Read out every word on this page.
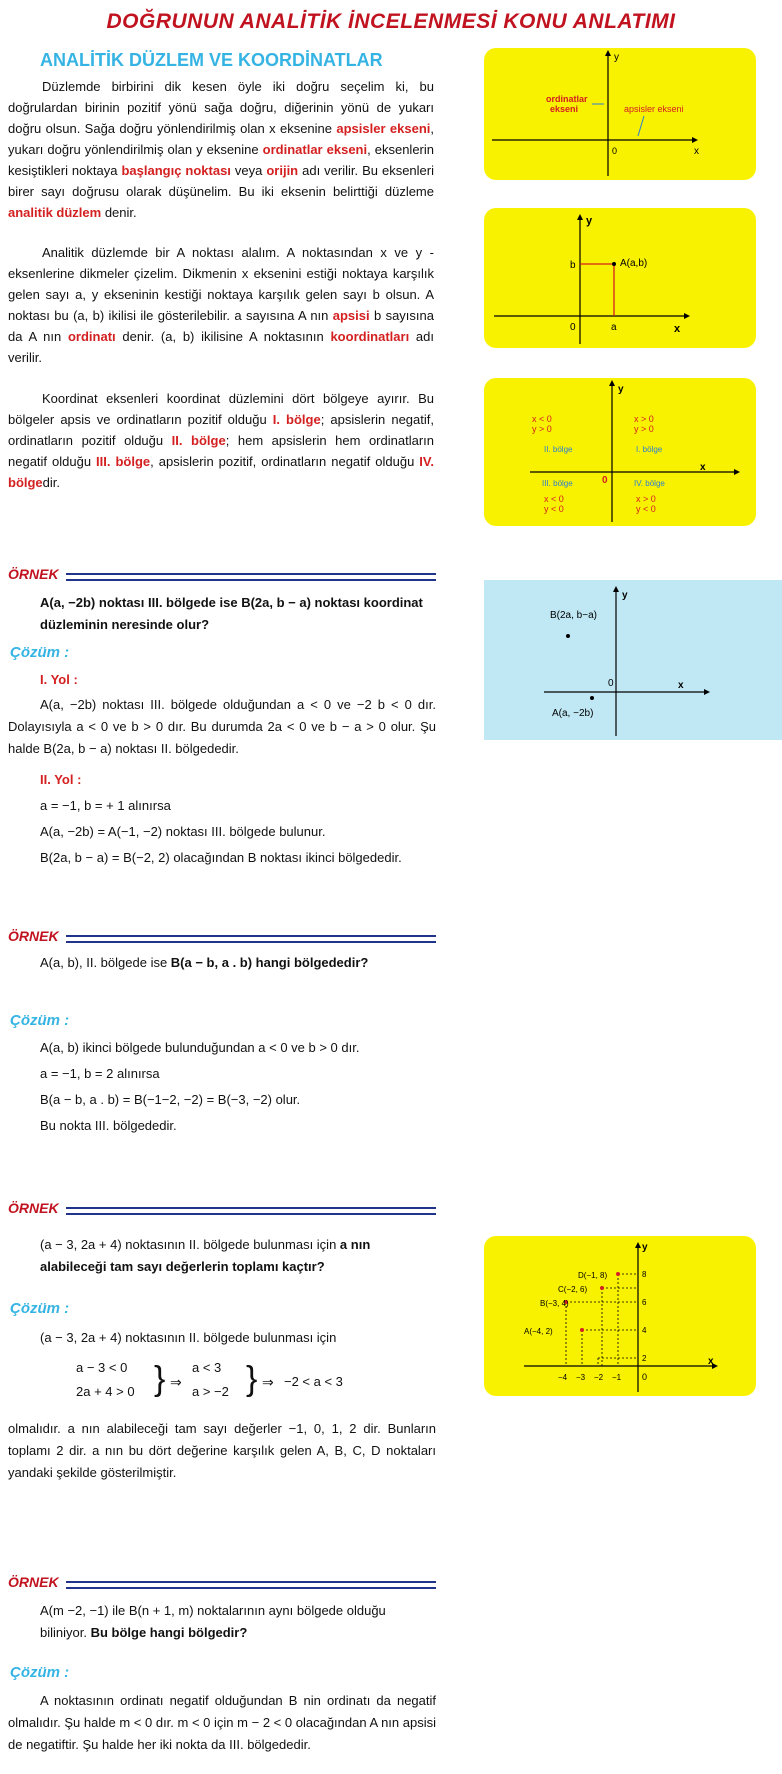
DOĞRUNUN ANALİTİK İNCELENMESİ KONU ANLATIMI
ANALİTİK DÜZLEM VE KOORDİNATLAR

Düzlemde birbirini dik kesen öyle iki doğru seçelim ki, bu doğrulardan birinin pozitif yönü sağa doğru, diğerinin yönü de yukarı doğru olsun. Sağa doğru yönlendirilmiş olan x eksenine apsisler ekseni, yukarı doğru yönlendirilmiş olan y eksenine ordinatlar ekseni, eksenlerin kesiştikleri noktaya başlangıç noktası veya orijin adı verilir. Bu eksenleri birer sayı doğrusu olarak düşünelim. Bu iki eksenin belirttiği düzleme analitik düzlem denir.

Analitik düzlemde bir A noktası alalım. A noktasından x ve y -eksenlerine dikmeler çizelim. Dikmenin x eksenini estiği noktaya karşılık gelen sayı a, y ekseninin kestiği noktaya karşılık gelen sayı b olsun. A noktası bu (a, b) ikilisi ile gösterilebilir. a sayısına A nın apsisi b sayısına da A nın ordinatı denir. (a, b) ikilisine A noktasının koordinatları adı verilir.

Koordinat eksenleri koordinat düzlemini dört bölgeye ayırır. Bu bölgeler apsis ve ordinatların pozitif olduğu I. bölge; apsislerin negatif, ordinatların pozitif olduğu II. bölge; hem apsislerin hem ordinatların negatif olduğu III. bölge, apsislerin pozitif, ordinatların negatif olduğu IV. bölgedir.

y
x
0
ordinatlar
ekseni	apsisler ekseni
y
x
0	a
b	A(a,b)
y
x
0
x < 0
y > 0
x > 0
y > 0
II. bölge	I. bölge
III. bölge	IV. bölge
x < 0
y < 0
x > 0
y < 0
ÖRNEK
A(a, −2b) noktası III. bölgede ise B(2a, b − a) noktası koordinat düzleminin neresinde olur?
Çözüm :
I. Yol :
A(a, −2b) noktası III. bölgede olduğundan a < 0 ve −2 b < 0 dır. Dolayısıyla a < 0 ve b > 0 dır. Bu durumda 2a < 0 ve b − a > 0 olur. Şu halde B(2a, b − a) noktası II. bölgededir.
II. Yol :
a = −1, b = + 1 alınırsa
A(a, −2b) = A(−1, −2) noktası III. bölgede bulunur.
B(2a, b − a) = B(−2, 2) olacağından B noktası ikinci bölgededir.
y
x
0
B(2a, b−a)
A(a, −2b)
ÖRNEK
A(a, b), II. bölgede ise B(a − b, a . b) hangi bölgededir?
Çözüm :
A(a, b) ikinci bölgede bulunduğundan a < 0 ve b > 0 dır.
a = −1, b = 2 alınırsa
B(a − b, a . b) = B(−1−2, −2) = B(−3, −2) olur.
Bu nokta III. bölgededir.
ÖRNEK
(a − 3, 2a + 4) noktasının II. bölgede bulunması için a nın alabileceği tam sayı değerlerin toplamı kaçtır?
Çözüm :
(a − 3, 2a + 4) noktasının II. bölgede bulunması için
a − 3 < 0
2a + 4 > 0 } ⇒
a < 3
a > −2 } ⇒ −2 < a < 3
olmalıdır. a nın alabileceği tam sayı değerler −1, 0, 1, 2 dir. Bunların toplamı 2 dir. a nın bu dört değerine karşılık gelen A, B, C, D noktaları yandaki şekilde gösterilmiştir.
y
x
0
D(−1, 8)
C(−2, 6)
B(−3, 4)
A(−4, 2)
8
6
4
2
−4 −3 −2 −1
ÖRNEK
A(m −2, −1) ile B(n + 1, m) noktalarının aynı bölgede olduğu biliniyor. Bu bölge hangi bölgedir?
Çözüm :
A noktasının ordinatı negatif olduğundan B nin ordinatı da negatif olmalıdır. Şu halde m < 0 dır. m < 0 için m − 2 < 0 olacağından A nın apsisi de negatiftir. Şu halde her iki nokta da III. bölgededir.
